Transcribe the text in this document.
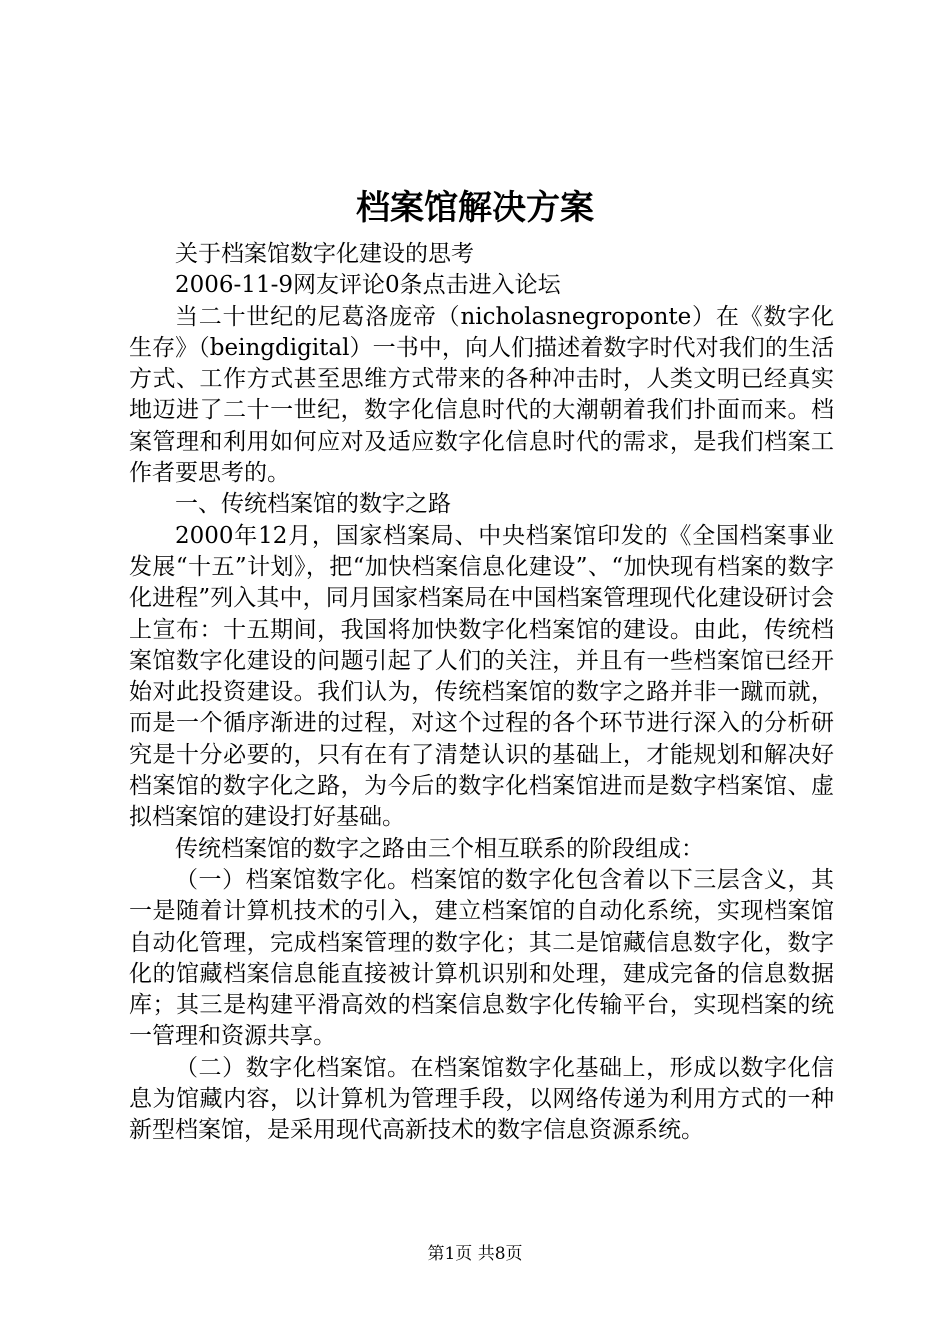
档案馆解决方案

关于档案馆数字化建设的思考

2006-11-9网友评论0条点击进入论坛

当二十世纪的尼葛洛庞帝（nicholasnegroponte）在《数字化生存》（beingdigital）一书中，向人们描述着数字时代对我们的生活方式、工作方式甚至思维方式带来的各种冲击时，人类文明已经真实地迈进了二十一世纪，数字化信息时代的大潮朝着我们扑面而来。档案管理和利用如何应对及适应数字化信息时代的需求，是我们档案工作者要思考的。

一、传统档案馆的数字之路

2000年12月，国家档案局、中央档案馆印发的《全国档案事业发展“十五”计划》，把“加快档案信息化建设”、“加快现有档案的数字化进程”列入其中，同月国家档案局在中国档案管理现代化建设研讨会上宣布：十五期间，我国将加快数字化档案馆的建设。由此，传统档案馆数字化建设的问题引起了人们的关注，并且有一些档案馆已经开始对此投资建设。我们认为，传统档案馆的数字之路并非一蹴而就，而是一个循序渐进的过程，对这个过程的各个环节进行深入的分析研究是十分必要的，只有在有了清楚认识的基础上，才能规划和解决好档案馆的数字化之路，为今后的数字化档案馆进而是数字档案馆、虚拟档案馆的建设打好基础。

传统档案馆的数字之路由三个相互联系的阶段组成：

（一）档案馆数字化。档案馆的数字化包含着以下三层含义，其一是随着计算机技术的引入，建立档案馆的自动化系统，实现档案馆自动化管理，完成档案管理的数字化；其二是馆藏信息数字化，数字化的馆藏档案信息能直接被计算机识别和处理，建成完备的信息数据库；其三是构建平滑高效的档案信息数字化传输平台，实现档案的统一管理和资源共享。

（二）数字化档案馆。在档案馆数字化基础上，形成以数字化信息为馆藏内容，以计算机为管理手段，以网络传递为利用方式的一种新型档案馆，是采用现代高新技术的数字信息资源系统。

第1页 共8页
